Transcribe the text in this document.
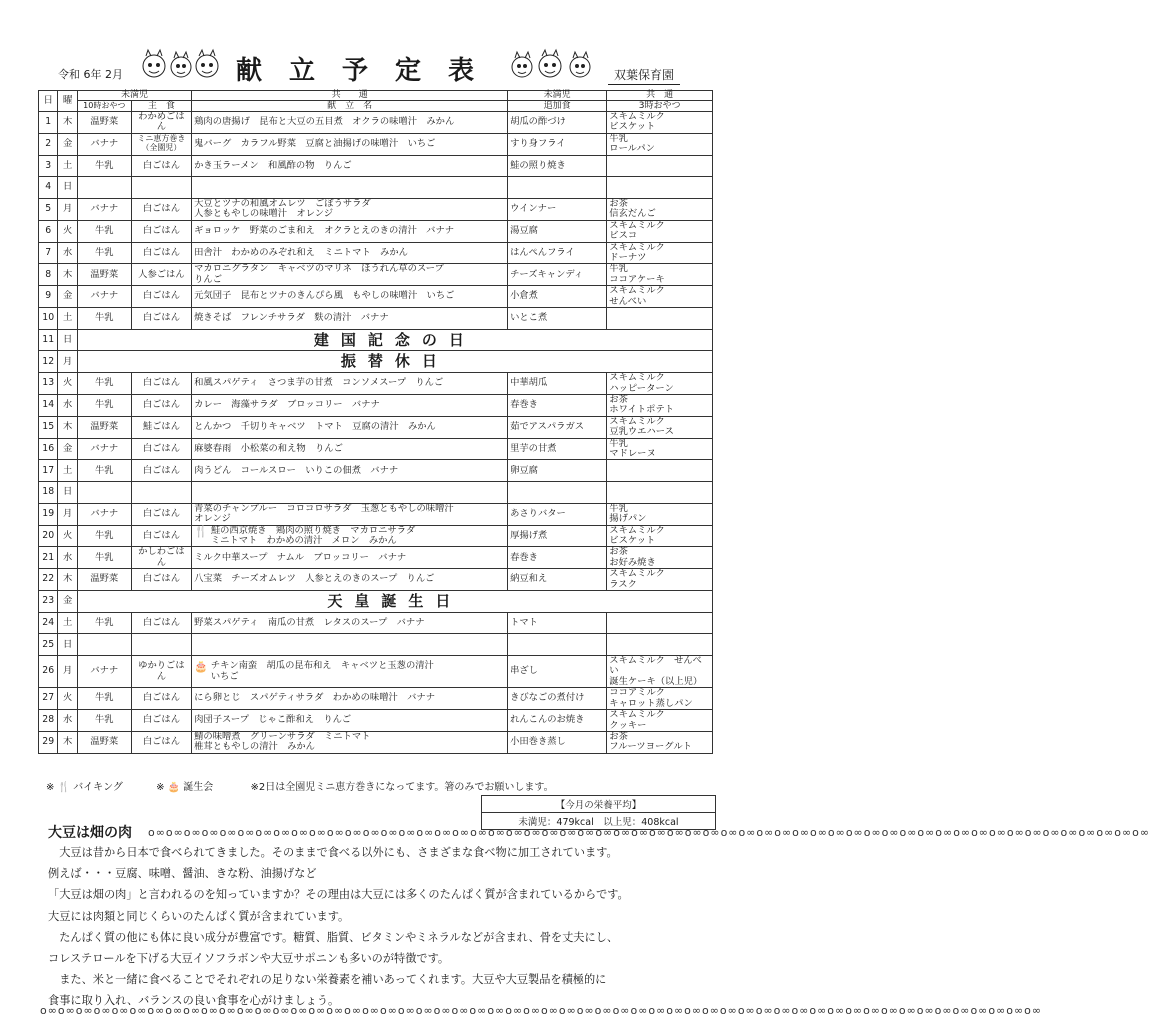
令和 6年 2月	献立予定表	双葉保育園
日	曜	未満児		共　　通	未満児	共　通
		10時おやつ	主　食	献　立　名	追加食	3時おやつ
1	木	温野菜	わかめごはん	鶏肉の唐揚げ　昆布と大豆の五目煮　オクラの味噌汁　みかん	胡瓜の酢づけ	スキムミルク
ビスケット
2	金	バナナ	ミニ恵方巻き
（全園児）	鬼バーグ　カラフル野菜　豆腐と油揚げの味噌汁　いちご	すり身フライ	牛乳
ロールパン
3	土	牛乳	白ごはん	かき玉ラーメン　和風酢の物　りんご	鮭の照り焼き	
4	日					
5	月	バナナ	白ごはん	大豆とツナの和風オムレツ　ごぼうサラダ
人参ともやしの味噌汁　オレンジ	ウインナー	お茶
信玄だんご
6	火	牛乳	白ごはん	ギョロッケ　野菜のごま和え　オクラとえのきの清汁　バナナ	湯豆腐	スキムミルク
ビスコ
7	水	牛乳	白ごはん	田舎汁　わかめのみぞれ和え　ミニトマト　みかん	はんぺんフライ	スキムミルク
ドーナツ
8	木	温野菜	人参ごはん	マカロニグラタン　キャベツのマリネ　ほうれん草のスープ
りんご	チーズキャンディ	牛乳
ココアケーキ
9	金	バナナ	白ごはん	元気団子　昆布とツナのきんぴら風　もやしの味噌汁　いちご	小倉煮	スキムミルク
せんべい
10	土	牛乳	白ごはん	焼きそば　フレンチサラダ　麩の清汁　バナナ	いとこ煮	
11	日	建国記念の日				
12	月	振替休日				
13	火	牛乳	白ごはん	和風スパゲティ　さつま芋の甘煮　コンソメスープ　りんご	中華胡瓜	スキムミルク
ハッピーターン
14	水	牛乳	白ごはん	カレー　海藻サラダ　ブロッコリー　バナナ	春巻き	お茶
ホワイトポテト
15	木	温野菜	鮭ごはん	とんかつ　千切りキャベツ　トマト　豆腐の清汁　みかん	茹でアスパラガス	スキムミルク
豆乳ウエハース
16	金	バナナ	白ごはん	麻婆春雨　小松菜の和え物　りんご	里芋の甘煮	牛乳
マドレーヌ
17	土	牛乳	白ごはん	肉うどん　コールスロー　いりこの佃煮　バナナ	卵豆腐	
18	日					
19	月	バナナ	白ごはん	青菜のチャンプルー　コロコロサラダ　玉葱ともやしの味噌汁
オレンジ	あさりバター	牛乳
揚げパン
20	火	牛乳	白ごはん	🍴 鮭の西京焼き　鶏肉の照り焼き　マカロニサラダ
ミニトマト　わかめの清汁　メロン　みかん	厚揚げ煮	スキムミルク
ビスケット
21	水	牛乳	かしわごはん	ミルク中華スープ　ナムル　ブロッコリー　バナナ	春巻き	お茶
お好み焼き
22	木	温野菜	白ごはん	八宝菜　チーズオムレツ　人参とえのきのスープ　りんご	納豆和え	スキムミルク
ラスク
23	金	天皇誕生日				
24	土	牛乳	白ごはん	野菜スパゲティ　南瓜の甘煮　レタスのスープ　バナナ	トマト	
25	日					
26	月	バナナ	ゆかりごはん	🎂 チキン南蛮　胡瓜の昆布和え　キャベツと玉葱の清汁
いちご	串ざし	スキムミルク　せんべい
誕生ケーキ（以上児）
27	火	牛乳	白ごはん	にら卵とじ　スパゲティサラダ　わかめの味噌汁　バナナ	きびなごの煮付け	ココアミルク
キャロット蒸しパン
28	水	牛乳	白ごはん	肉団子スープ　じゃこ酢和え　りんご	れんこんのお焼き	スキムミルク
クッキー
29	木	温野菜	白ごはん	鯖の味噌煮　グリーンサラダ　ミニトマト
椎茸ともやしの清汁　みかん	小田巻き蒸し	お茶
フルーツヨーグルト
※ 🍴 バイキング	※ 🎂 誕生会	※2日は全園児ミニ恵方巻きになってます。箸のみでお願いします。
【今月の栄養平均】
未満児：479kcal　以上児：408kcal
大豆は畑の肉 o∞o∞o∞o∞o∞o∞o∞o∞o∞o∞o∞o∞o∞o∞o∞o∞o∞o∞o∞o∞o∞o∞o∞o∞o∞o∞o∞o∞o∞o∞o∞o∞o∞o∞o∞o∞o∞o∞o∞o∞o∞o∞o∞o∞o∞o∞o∞o∞o∞o∞o∞o∞o∞o∞o∞o∞

　大豆は昔から日本で食べられてきました。そのままで食べる以外にも、さまざまな食べ物に加工されています。

例えば・・・豆腐、味噌、醤油、きな粉、油揚げなど

「大豆は畑の肉」と言われるのを知っていますか？その理由は大豆には多くのたんぱく質が含まれているからです。

大豆には肉類と同じくらいのたんぱく質が含まれています。

　たんぱく質の他にも体に良い成分が豊富です。糖質、脂質、ビタミンやミネラルなどが含まれ、骨を丈夫にし、

コレステロールを下げる大豆イソフラボンや大豆サポニンも多いのが特徴です。

　また、米と一緒に食べることでそれぞれの足りない栄養素を補いあってくれます。大豆や大豆製品を積極的に

食事に取り入れ、バランスの良い食事を心がけましょう。

o∞o∞o∞o∞o∞o∞o∞o∞o∞o∞o∞o∞o∞o∞o∞o∞o∞o∞o∞o∞o∞o∞o∞o∞o∞o∞o∞o∞o∞o∞o∞o∞o∞o∞o∞o∞o∞o∞o∞o∞o∞o∞o∞o∞o∞o∞o∞o∞o∞o∞o∞o∞o∞o∞o∞o∞
